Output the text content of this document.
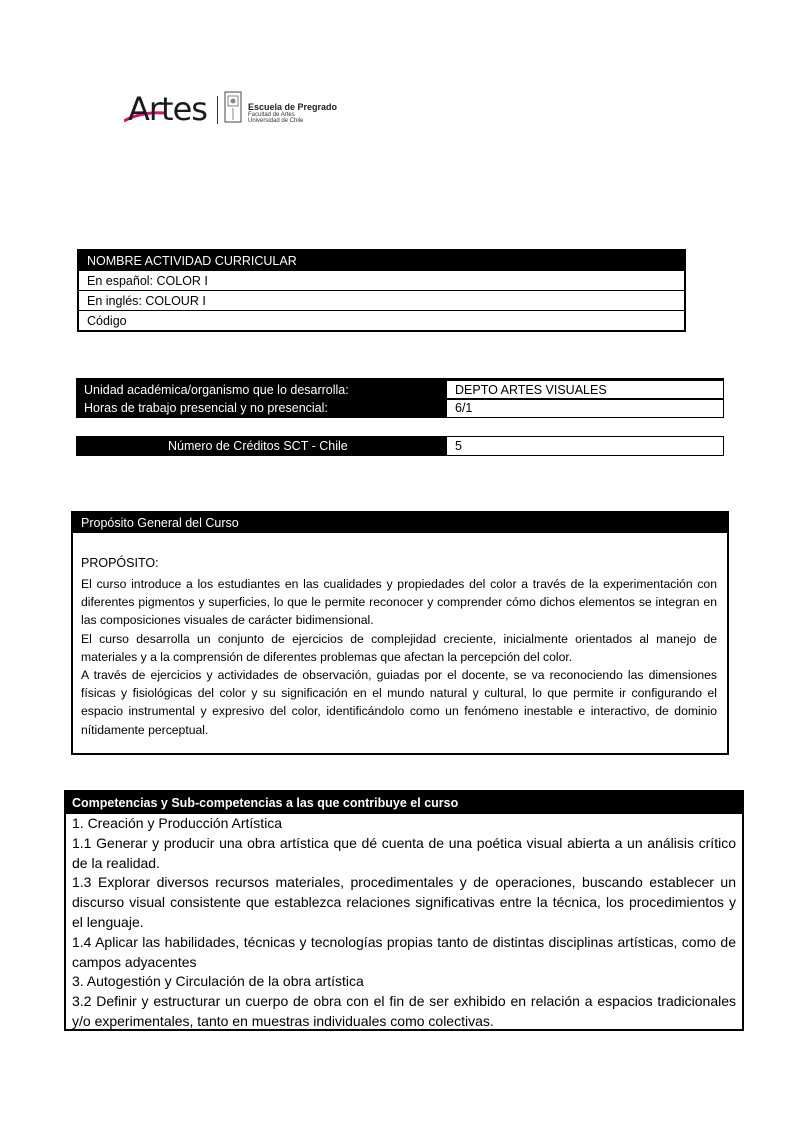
Artes	Escuela de Pregrado
Facultad de Artes
Universidad de Chile
NOMBRE ACTIVIDAD CURRICULAR
En español: COLOR I
En inglés: COLOUR I
Código
Unidad académica/organismo que lo desarrolla:	DEPTO ARTES VISUALES
Horas de trabajo presencial y no presencial:	6/1
Número de Créditos SCT - Chile	5
Propósito General del Curso
PROPÓSITO:

El curso introduce a los estudiantes en las cualidades y propiedades del color a través de la experimentación con diferentes pigmentos y superficies, lo que le permite reconocer y comprender cómo dichos elementos se integran en las composiciones visuales de carácter bidimensional.

El curso desarrolla un conjunto de ejercicios de complejidad creciente, inicialmente orientados al manejo de materiales y a la comprensión de diferentes problemas que afectan la percepción del color.

A través de ejercicios y actividades de observación, guiadas por el docente, se va reconociendo las dimensiones físicas y fisiológicas del color y su significación en el mundo natural y cultural, lo que permite ir configurando el espacio instrumental y expresivo del color, identificándolo como un fenómeno inestable e interactivo, de dominio nítidamente perceptual.

Competencias y Sub-competencias a las que contribuye el curso

1. Creación y Producción Artística

1.1 Generar y producir una obra artística que dé cuenta de una poética visual abierta a un análisis crítico de la realidad.

1.3 Explorar diversos recursos materiales, procedimentales y de operaciones, buscando establecer un discurso visual consistente que establezca relaciones significativas entre la técnica, los procedimientos y el lenguaje.

1.4 Aplicar las habilidades, técnicas y tecnologías propias tanto de distintas disciplinas artísticas, como de campos adyacentes

3. Autogestión y Circulación de la obra artística

3.2 Definir y estructurar un cuerpo de obra con el fin de ser exhibido en relación a espacios tradicionales y/o experimentales, tanto en muestras individuales como colectivas.
